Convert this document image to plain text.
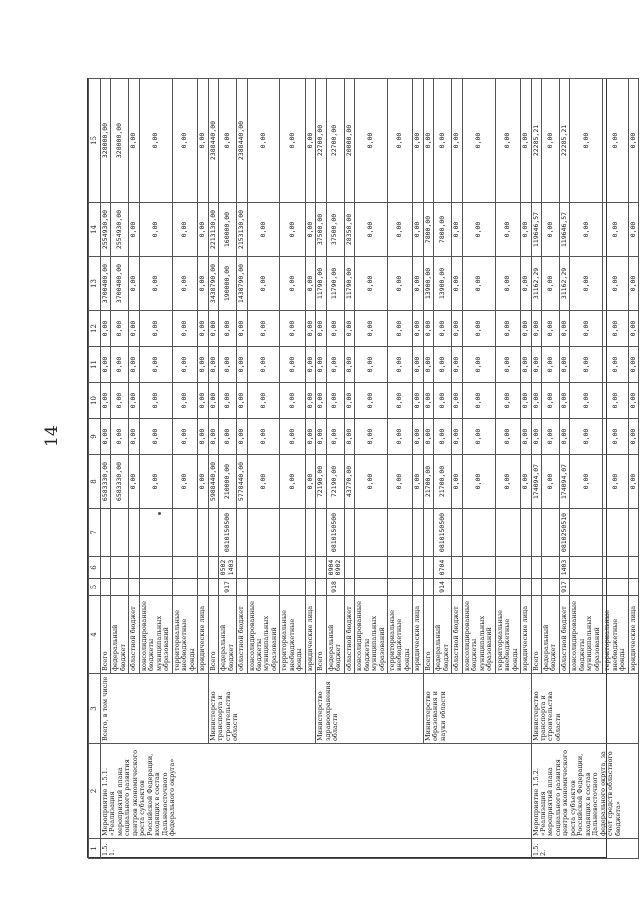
14
1	2	3	4	5	6	7	8	9	10	11	12	13	14	15
1.5.1.	Мероприятие 1.5.1. «Реализация мероприятий плана социального развития центров экономического роста субъектов Российской Федерации, входящих в состав Дальневосточного федерального округа»	Всего, в том числе	Всего				6583330,00	0,00	0,00	0,00	0,00	3700400,00	2554930,00	328000,00
			федеральный бюджет				6583330,00	0,00	0,00	0,00	0,00	3700400,00	2554930,00	328000,00
			областной бюджет				0,00	0,00	0,00	0,00	0,00	0,00	0,00	0,00
			консолидированные бюджеты муниципальных образований				0,00	0,00	0,00	0,00	0,00	0,00	0,00	0,00
			территориальные внебюджетные фонды				0,00	0,00	0,00	0,00	0,00	0,00	0,00	0,00
			юридические лица				0,00	0,00	0,00	0,00	0,00	0,00	0,00	0,00
		Министерство транспорта и строительства области	Всего				5988440,00	0,00	0,00	0,00	0,00	3438790,00	2213130,00	2388440,00
			федеральный бюджет	917	0502 1403	0810150500	210000,00	0,00	0,00	0,00	0,00	190000,00	160000,00	0,00
			областной бюджет				5778440,00	0,00	0,00	0,00	0,00	1438790,00	2153130,00	2388440,00
			консолидированные бюджеты муниципальных образований				0,00	0,00	0,00	0,00	0,00	0,00	0,00	0,00
			территориальные внебюджетные фонды				0,00	0,00	0,00	0,00	0,00	0,00	0,00	0,00
			юридические лица				0,00	0,00	0,00	0,00	0,00	0,00	0,00	0,00
		Министерство здравоохранения области	Всего				72190,00	0,00	0,00	0,00	0,00	11790,00	37500,00	22700,00
			федеральный бюджет	918	0904 0902	0810150500	72190,00	0,00	0,00	0,00	0,00	11790,00	37500,00	22700,00
			областной бюджет				43770,00	0,00	0,00	0,00	0,00	11790,00	28350,00	20000,00
			консолидированные бюджеты муниципальных образований				0,00	0,00	0,00	0,00	0,00	0,00	0,00	0,00
			территориальные внебюджетные фонды				0,00	0,00	0,00	0,00	0,00	0,00	0,00	0,00
			юридические лица				0,00	0,00	0,00	0,00	0,00	0,00	0,00	0,00
		Министерство образования и науки области	Всего				21700,00	0,00	0,00	0,00	0,00	13900,00	7800,00	0,00
			федеральный бюджет	914	0704	0810150500	21700,00	0,00	0,00	0,00	0,00	13900,00	7800,00	0,00
			областной бюджет				0,00	0,00	0,00	0,00	0,00	0,00	0,00	0,00
			консолидированные бюджеты муниципальных образований				0,00	0,00	0,00	0,00	0,00	0,00	0,00	0,00
			территориальные внебюджетные фонды				0,00	0,00	0,00	0,00	0,00	0,00	0,00	0,00
			юридические лица				0,00	0,00	0,00	0,00	0,00	0,00	0,00	0,00
1.5.2.	Мероприятие 1.5.2. «Реализация мероприятий плана социального развития центров экономического роста субъектов Российской Федерации, входящих в состав Дальневосточного федерального округа, за счет средств областного бюджета»	Министерство транспорта и строительства области	Всего				174094,07	0,00	0,00	0,00	0,00	31162,29	119646,57	22285,21
			федеральный бюджет				0,00	0,00	0,00	0,00	0,00	0,00	0,00	0,00
			областной бюджет	917	1403	0810250510	174094,07	0,00	0,00	0,00	0,00	31162,29	119646,57	22285,21
			консолидированные бюджеты муниципальных образований				0,00	0,00	0,00	0,00	0,00	0,00	0,00	0,00
			территориальные внебюджетные фонды				0,00	0,00	0,00	0,00	0,00	0,00	0,00	0,00
			юридические лица				0,00	0,00	0,00	0,00	0,00	0,00	0,00	0,00
